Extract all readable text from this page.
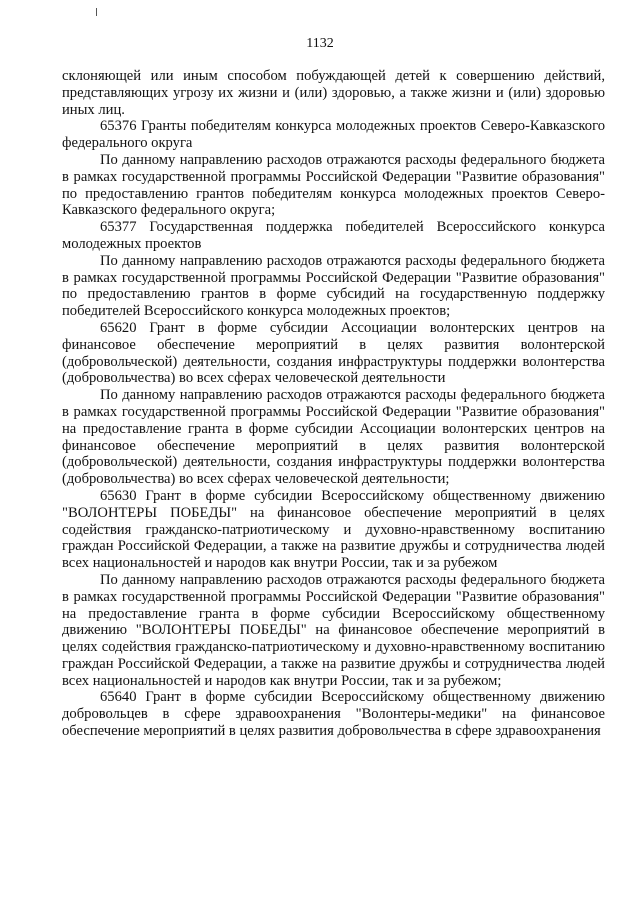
1132

склоняющей или иным способом побуждающей детей к совершению действий, представляющих угрозу их жизни и (или) здоровью, а также жизни и (или) здоровью иных лиц.

65376 Гранты победителям конкурса молодежных проектов Северо-Кавказского федерального округа

По данному направлению расходов отражаются расходы федерального бюджета в рамках государственной программы Российской Федерации "Развитие образования" по предоставлению грантов победителям конкурса молодежных проектов Северо-Кавказского федерального округа;

65377 Государственная поддержка победителей Всероссийского конкурса молодежных проектов

По данному направлению расходов отражаются расходы федерального бюджета в рамках государственной программы Российской Федерации "Развитие образования" по предоставлению грантов в форме субсидий на государственную поддержку победителей Всероссийского конкурса молодежных проектов;

65620 Грант в форме субсидии Ассоциации волонтерских центров на финансовое обеспечение мероприятий в целях развития волонтерской (добровольческой) деятельности, создания инфраструктуры поддержки волонтерства (добровольчества) во всех сферах человеческой деятельности

По данному направлению расходов отражаются расходы федерального бюджета в рамках государственной программы Российской Федерации "Развитие образования" на предоставление гранта в форме субсидии Ассоциации волонтерских центров на финансовое обеспечение мероприятий в целях развития волонтерской (добровольческой) деятельности, создания инфраструктуры поддержки волонтерства (добровольчества) во всех сферах человеческой деятельности;

65630 Грант в форме субсидии Всероссийскому общественному движению "ВОЛОНТЕРЫ ПОБЕДЫ" на финансовое обеспечение мероприятий в целях содействия гражданско-патриотическому и духовно-нравственному воспитанию граждан Российской Федерации, а также на развитие дружбы и сотрудничества людей всех национальностей и народов как внутри России, так и за рубежом

По данному направлению расходов отражаются расходы федерального бюджета в рамках государственной программы Российской Федерации "Развитие образования" на предоставление гранта в форме субсидии Всероссийскому общественному движению "ВОЛОНТЕРЫ ПОБЕДЫ" на финансовое обеспечение мероприятий в целях содействия гражданско-патриотическому и духовно-нравственному воспитанию граждан Российской Федерации, а также на развитие дружбы и сотрудничества людей всех национальностей и народов как внутри России, так и за рубежом;

65640 Грант в форме субсидии Всероссийскому общественному движению добровольцев в сфере здравоохранения "Волонтеры-медики" на финансовое обеспечение мероприятий в целях развития добровольчества в сфере здравоохранения
